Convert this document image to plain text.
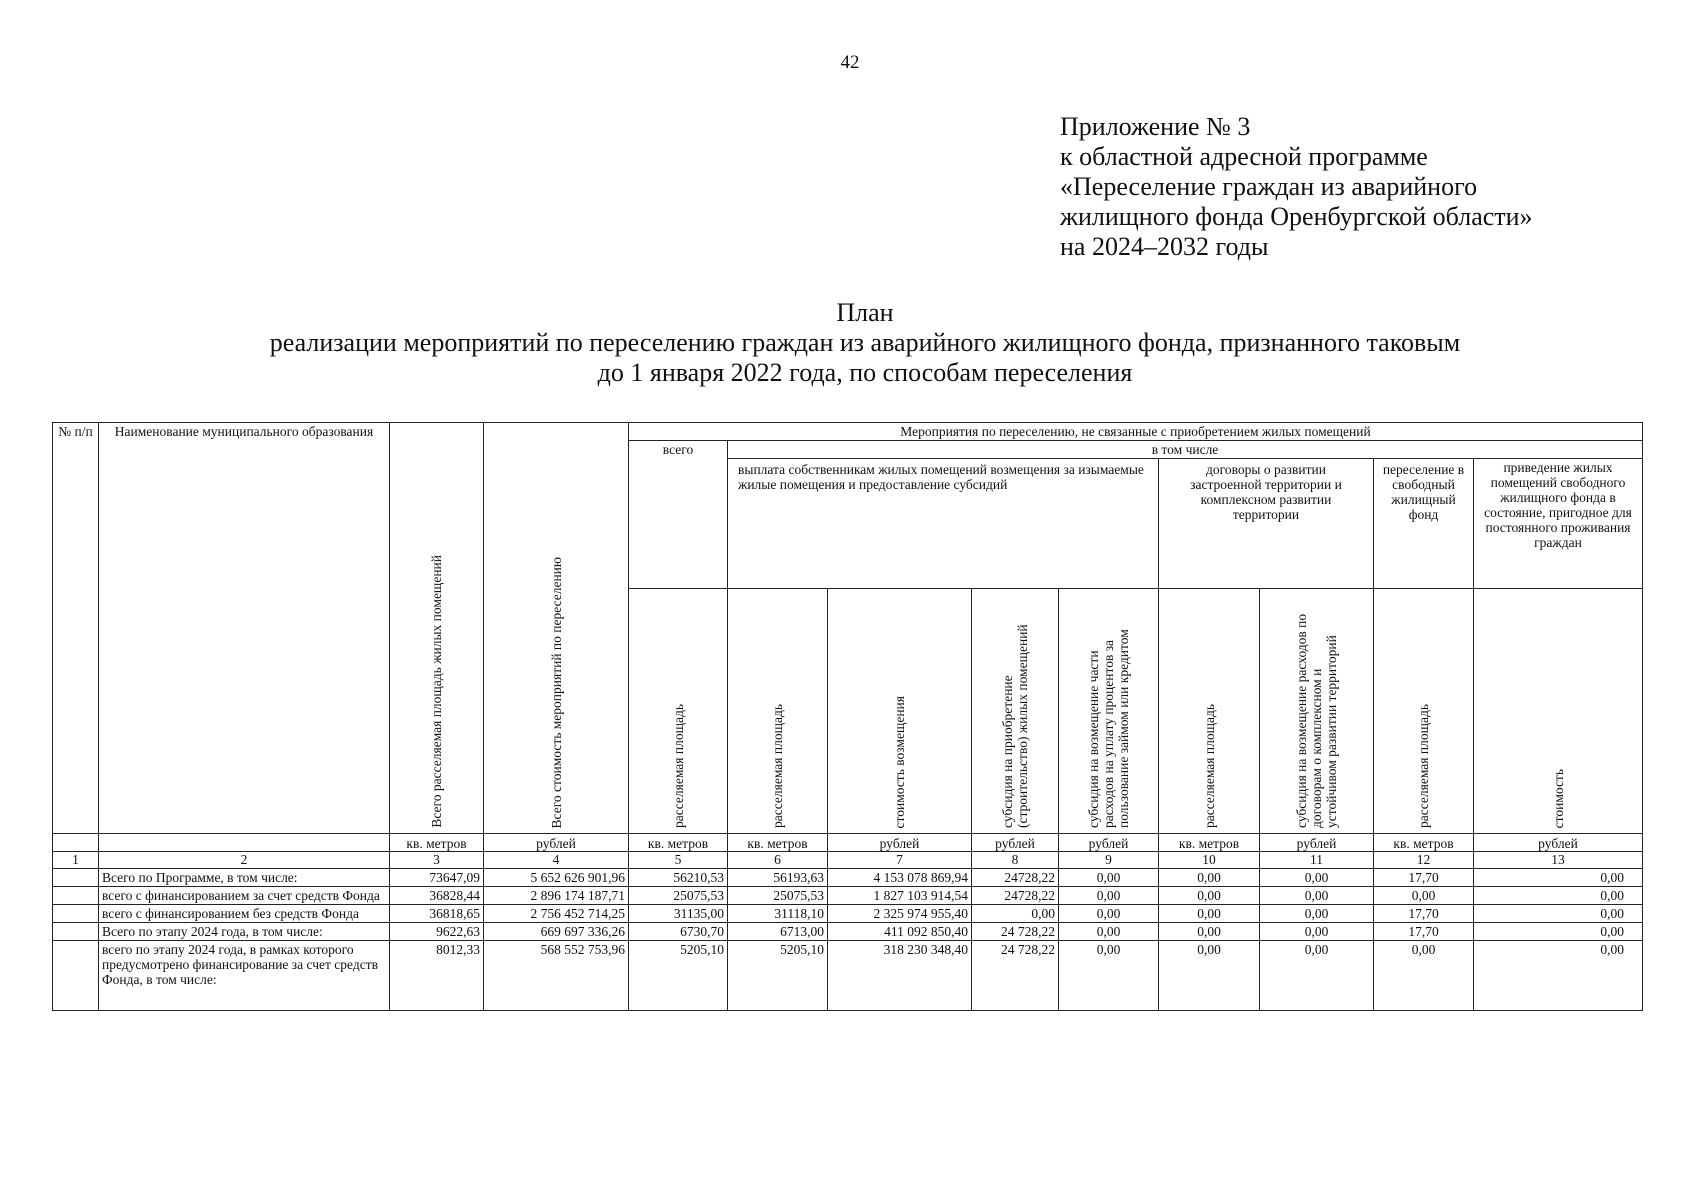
42
Приложение № 3
к областной адресной программе
«Переселение граждан из аварийного
жилищного фонда Оренбургской области»
на 2024–2032 годы
План
реализации мероприятий по переселению граждан из аварийного жилищного фонда, признанного таковым
до 1 января 2022 года, по способам переселения
№ п/п	Наименование муниципального образования	Всего расселяемая площадь жилых помещений	Всего стоимость мероприятий по переселению	Мероприятия по переселению, не связанные с приобретением жилых помещений								
				всего	в том числе							
					выплата собственникам жилых помещений возмещения за изымаемые жилые помещения и предоставление субсидий				договоры о развитии застроенной территории и комплексном развитии территории		переселение в свободный жилищный фонд	приведение жилых помещений свободного жилищного фонда в состояние, пригодное для постоянного проживания граждан
				расселяемая площадь	расселяемая площадь	стоимость возмещения	субсидия на приобретение (строительство) жилых помещений	субсидия на возмещение части расходов на уплату процентов за пользование займом или кредитом	расселяемая площадь	субсидия на возмещение расходов по договорам о комплексном и устойчивом развитии территорий	расселяемая площадь	стоимость
		кв. метров	рублей	кв. метров	кв. метров	рублей	рублей	рублей	кв. метров	рублей	кв. метров	рублей
1	2	3	4	5	6	7	8	9	10	11	12	13
	Всего по Программе, в том числе:	73647,09	5 652 626 901,96	56210,53	56193,63	4 153 078 869,94	24728,22	0,00	0,00	0,00	17,70	0,00
	всего с финансированием за счет средств Фонда	36828,44	2 896 174 187,71	25075,53	25075,53	1 827 103 914,54	24728,22	0,00	0,00	0,00	0,00	0,00
	всего с финансированием без средств Фонда	36818,65	2 756 452 714,25	31135,00	31118,10	2 325 974 955,40	0,00	0,00	0,00	0,00	17,70	0,00
	Всего по этапу 2024 года, в том числе:	9622,63	669 697 336,26	6730,70	6713,00	411 092 850,40	24 728,22	0,00	0,00	0,00	17,70	0,00
	всего по этапу 2024 года, в рамках которого предусмотрено финансирование за счет средств Фонда, в том числе:	8012,33	568 552 753,96	5205,10	5205,10	318 230 348,40	24 728,22	0,00	0,00	0,00	0,00	0,00
